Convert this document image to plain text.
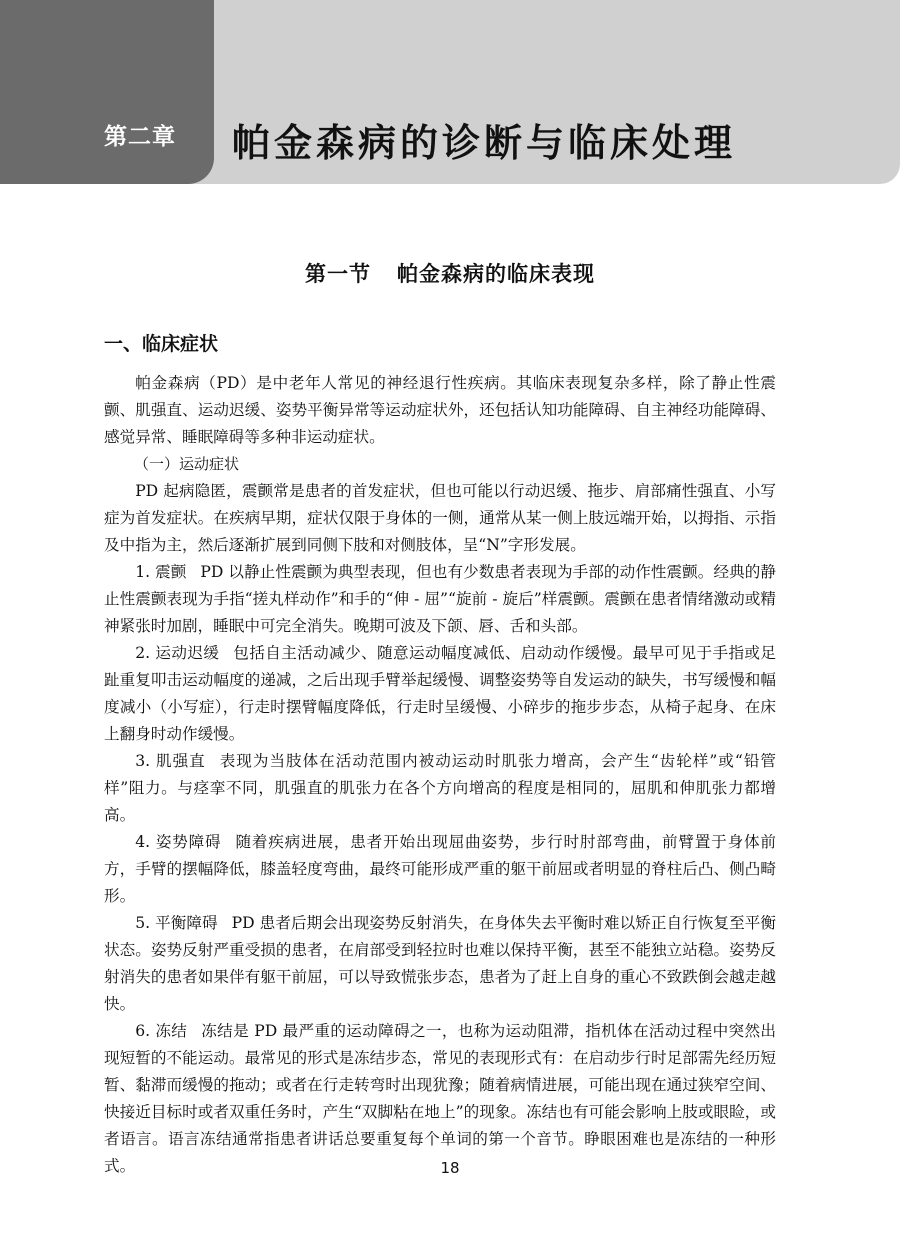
第二章 帕金森病的诊断与临床处理
第一节 帕金森病的临床表现
一、临床症状

帕金森病（PD）是中老年人常见的神经退行性疾病。其临床表现复杂多样，除了静止性震颤、肌强直、运动迟缓、姿势平衡异常等运动症状外，还包括认知功能障碍、自主神经功能障碍、感觉异常、睡眠障碍等多种非运动症状。

（一）运动症状

PD 起病隐匿，震颤常是患者的首发症状，但也可能以行动迟缓、拖步、肩部痛性强直、小写症为首发症状。在疾病早期，症状仅限于身体的一侧，通常从某一侧上肢远端开始，以拇指、示指及中指为主，然后逐渐扩展到同侧下肢和对侧肢体，呈“N”字形发展。

1. 震颤 PD 以静止性震颤为典型表现，但也有少数患者表现为手部的动作性震颤。经典的静止性震颤表现为手指“搓丸样动作”和手的“伸 - 屈”“旋前 - 旋后”样震颤。震颤在患者情绪激动或精神紧张时加剧，睡眠中可完全消失。晚期可波及下颌、唇、舌和头部。

2. 运动迟缓 包括自主活动减少、随意运动幅度减低、启动动作缓慢。最早可见于手指或足趾重复叩击运动幅度的递减，之后出现手臂举起缓慢、调整姿势等自发运动的缺失，书写缓慢和幅度减小（小写症），行走时摆臂幅度降低，行走时呈缓慢、小碎步的拖步步态，从椅子起身、在床上翻身时动作缓慢。

3. 肌强直 表现为当肢体在活动范围内被动运动时肌张力增高，会产生“齿轮样”或“铅管样”阻力。与痉挛不同，肌强直的肌张力在各个方向增高的程度是相同的，屈肌和伸肌张力都增高。

4. 姿势障碍 随着疾病进展，患者开始出现屈曲姿势，步行时肘部弯曲，前臂置于身体前方，手臂的摆幅降低，膝盖轻度弯曲，最终可能形成严重的躯干前屈或者明显的脊柱后凸、侧凸畸形。

5. 平衡障碍 PD 患者后期会出现姿势反射消失，在身体失去平衡时难以矫正自行恢复至平衡状态。姿势反射严重受损的患者，在肩部受到轻拉时也难以保持平衡，甚至不能独立站稳。姿势反射消失的患者如果伴有躯干前屈，可以导致慌张步态，患者为了赶上自身的重心不致跌倒会越走越快。

6. 冻结 冻结是 PD 最严重的运动障碍之一，也称为运动阻滞，指机体在活动过程中突然出现短暂的不能运动。最常见的形式是冻结步态，常见的表现形式有：在启动步行时足部需先经历短暂、黏滞而缓慢的拖动；或者在行走转弯时出现犹豫；随着病情进展，可能出现在通过狭窄空间、快接近目标时或者双重任务时，产生“双脚粘在地上”的现象。冻结也有可能会影响上肢或眼睑，或者语言。语言冻结通常指患者讲话总要重复每个单词的第一个音节。睁眼困难也是冻结的一种形式。	18
